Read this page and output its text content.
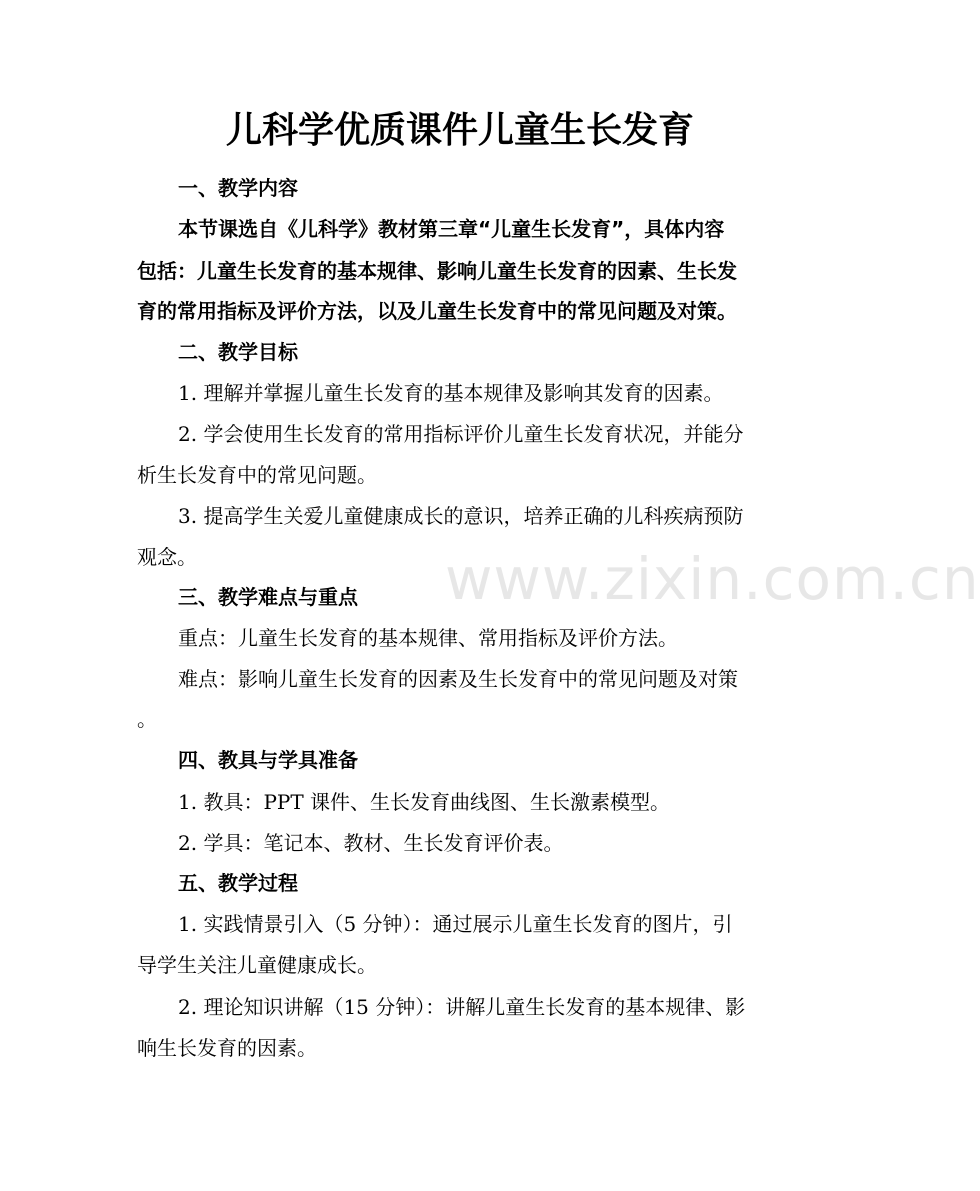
www.zixin.com.cn
儿科学优质课件儿童生长发育
一、教学内容
本节课选自《儿科学》教材第三章“儿童生长发育”，具体内容
包括：儿童生长发育的基本规律、影响儿童生长发育的因素、生长发
育的常用指标及评价方法，以及儿童生长发育中的常见问题及对策。
二、教学目标
1. 理解并掌握儿童生长发育的基本规律及影响其发育的因素。
2. 学会使用生长发育的常用指标评价儿童生长发育状况，并能分
析生长发育中的常见问题。
3. 提高学生关爱儿童健康成长的意识，培养正确的儿科疾病预防
观念。
三、教学难点与重点
重点：儿童生长发育的基本规律、常用指标及评价方法。
难点：影响儿童生长发育的因素及生长发育中的常见问题及对策
。
四、教具与学具准备
1. 教具：PPT 课件、生长发育曲线图、生长激素模型。
2. 学具：笔记本、教材、生长发育评价表。
五、教学过程
1. 实践情景引入（5 分钟）：通过展示儿童生长发育的图片，引
导学生关注儿童健康成长。
2. 理论知识讲解（15 分钟）：讲解儿童生长发育的基本规律、影
响生长发育的因素。
